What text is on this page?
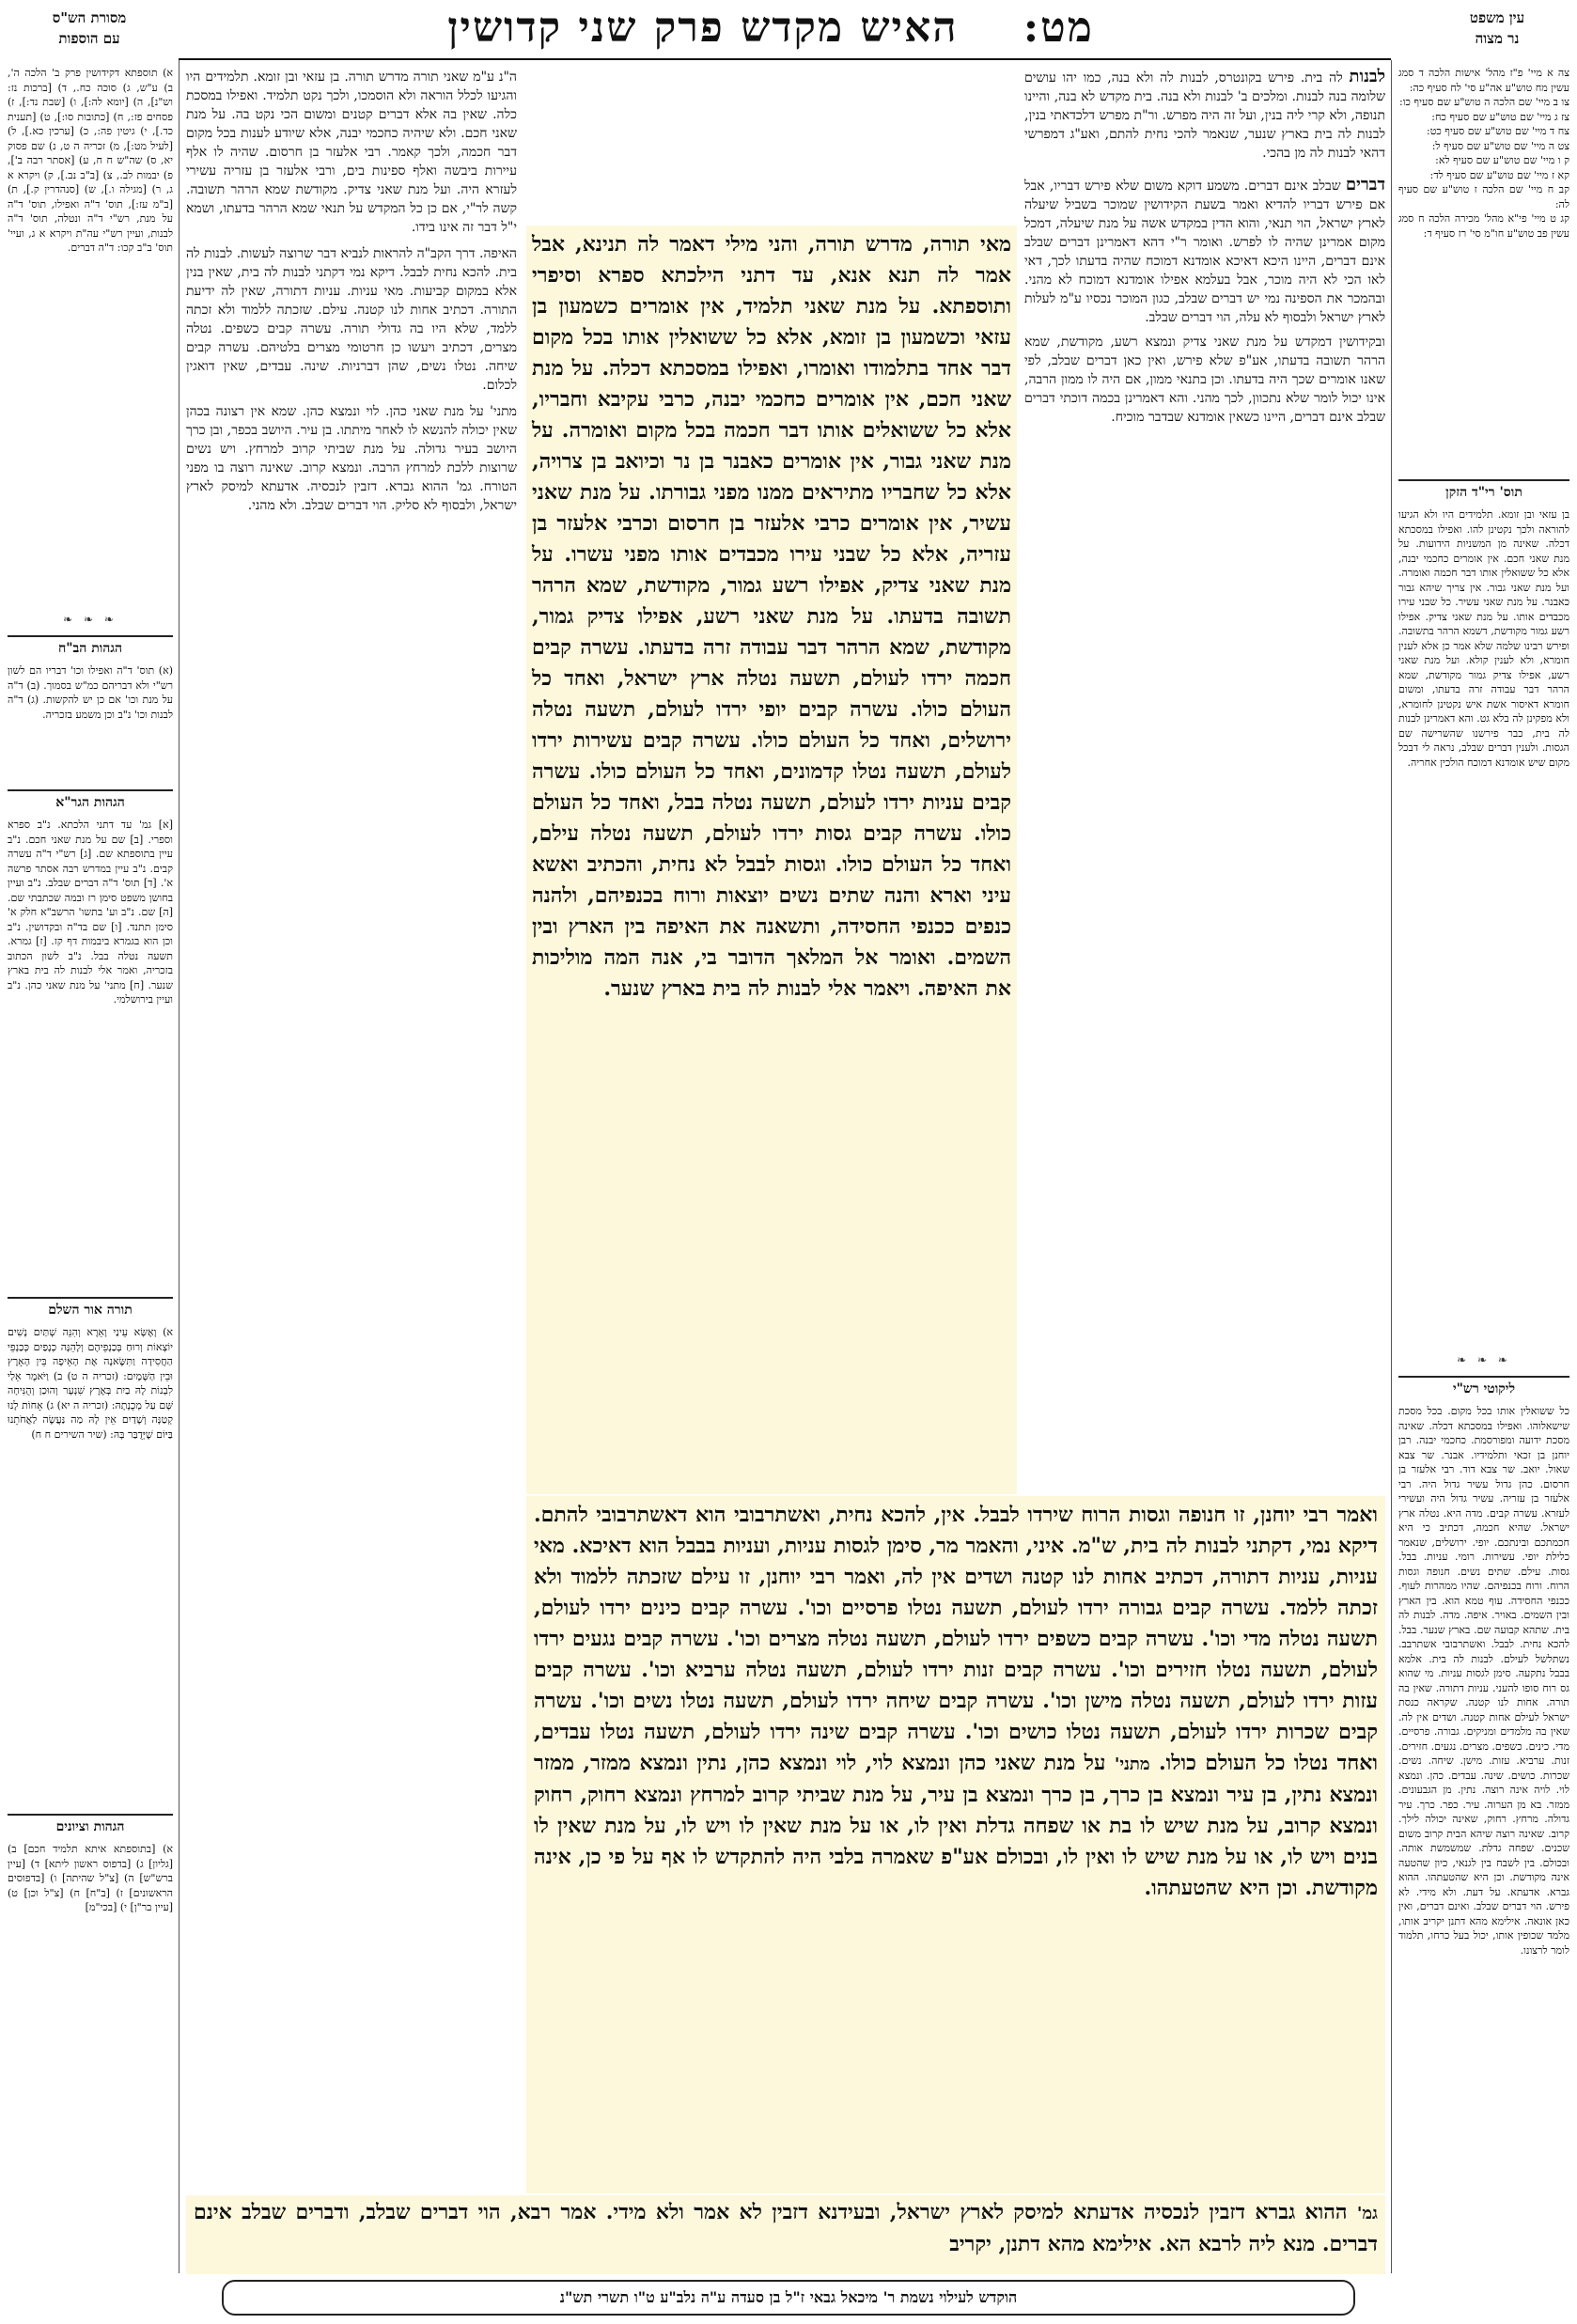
עין משפט
נר מצוה
מט:    האיש מקדש פרק שני קדושין
מסורת הש"ס
עם הוספות
צה א מיי' פ"ז מהל' אישות הלכה ד סמג עשין מח טוש"ע אה"ע סי' לח סעיף כה:
צו ב מיי' שם הלכה ה טוש"ע שם סעיף כו:
צז ג מיי' שם טוש"ע שם סעיף כח:
צח ד מיי' שם טוש"ע שם סעיף כט:
צט ה מיי' שם טוש"ע שם סעיף ל:
ק ו מיי' שם טוש"ע שם סעיף לא:
קא ז מיי' שם טוש"ע שם סעיף לד:
קב ח מיי' שם הלכה ז טוש"ע שם סעיף לה:
קג ט מיי' פי"א מהל' מכירה הלכה ח סמג עשין פב טוש"ע חו"מ סי' רז סעיף ד:
תוס' רי"ד הזקן
בן עזאי ובן זומא. תלמידים היו ולא הגיעו להוראה ולכך נקטינן להו. ואפילו במסכתא דכלה. שאינה מן המשניות הידועות. על מנת שאני חכם. אין אומרים כחכמי יבנה, אלא כל ששואלין אותו דבר חכמה ואומרה. ועל מנת שאני גבור. אין צריך שיהא גבור כאבנר. על מנת שאני עשיר. כל שבני עירו מכבדים אותו. על מנת שאני צדיק. אפילו רשע גמור מקודשת, דשמא הרהר בתשובה. ופירש רבינו שלמה שלא אמר כן אלא לענין חומרא, ולא לענין קולא. ועל מנת שאני רשע, אפילו צדיק גמור מקודשת, שמא הרהר דבר עבודה זרה בדעתו, ומשום חומרא דאיסור אשת איש נקטינן לחומרא, ולא מפקינן לה בלא גט. והא דאמרינן לבנות לה בית, כבר פירשנו שהשרישה שם הגסות. ולענין דברים שבלב, נראה לי דבכל מקום שיש אומדנא דמוכח הולכין אחריה.
❧ ❧ ❧
ליקוטי רש"י
כל ששואלין אותו בכל מקום. בכל מסכת שישאלוהו. ואפילו במסכתא דכלה. שאינה מסכת ידועה ומפורסמת. כחכמי יבנה. רבן יוחנן בן זכאי ותלמידיו. אבנר. שר צבא שאול. יואב. שר צבא דוד. רבי אלעזר בן חרסום. כהן גדול עשיר גדול היה. רבי אלעזר בן עזריה. עשיר גדול היה ועשירי לעזרא. עשרה קבים. מדה היא. נטלה ארץ ישראל. שהיא חכמה, דכתיב כי היא חכמתכם ובינתכם. יופי. ירושלים, שנאמר כלילת יופי. עשירות. רומי. עניות. בבל. גסות. עילם. שתים נשים. חנופה וגסות הרוח. ורוח בכנפיהם. שהיו ממהרות לעוף. ככנפי החסידה. עוף טמא הוא. בין הארץ ובין השמים. באויר. איפה. מדה. לבנות לה בית. שתהא קבועה שם. בארץ שנער. בבל. להכא נחית. לבבל. ואשתרבובי אשתרבב. נשתלשל לעילם. לבנות לה בית. אלמא בבבל נתקעה. סימן לגסות עניות. מי שהוא גס רוח סופו להעני. עניות דתורה. שאין בה תורה. אחות לנו קטנה. שקראה כנסת ישראל לעילם אחות קטנה. ושדים אין לה. שאין בה מלמדים ומניקים. גבורה. פרסיים. מדי. כינים. כשפים. מצרים. נגעים. חזירים. זנות. ערביא. עזות. מישן. שיחה. נשים. שכרות. כושים. שינה. עבדים. כהן. ונמצא לוי. לויה אינה רוצה. נתין. מן הגבעונים. ממזר. בא מן הערוה. עיר. כפר. כרך. עיר גדולה. מרחץ. רחוק, שאינה יכולה לילך. קרוב. שאינה רוצה שיהא הבית קרוב משום שכנים. שפחה גדלת. שמשמשת אותה. ובכולם. בין לשבח בין לגנאי, כיון שהטעה אינה מקודשת. וכן היא שהטעתהו. ההוא גברא. אדעתא. על דעת. ולא מידי. לא פירש. הוי דברים שבלב. ואינם דברים, ואין כאן אונאה. אילימא מהא דתנן יקריב אותו, מלמד שכופין אותו, יכול בעל כרחו, תלמוד לומר לרצונו.
א) תוספתא דקידושין פרק ב' הלכה ה', ב) ע"ש, ג) סוכה כח., ד) [ברכות נז: וש"נ], ה) [יומא לה:], ו) [שבת נד:], ז) פסחים פז:, ח) [כתובות סו:], ט) [תענית כד.], י) גיטין פה:, כ) [ערכין כא.], ל) [לעיל מט:], מ) זכריה ה ט, נ) שם פסוק יא, ס) שה"ש ח ח, ע) [אסתר רבה ב'], פ) יבמות לב., צ) [ב"ב נב.], ק) ויקרא א ג, ר) [מגילה ו.], ש) [סנהדרין ק.], ת) [ב"מ עז:], תוס' ד"ה ואפילו, תוס' ד"ה על מנת, רש"י ד"ה ונטלה, תוס' ד"ה לבנות, ועיין רש"י עה"ת ויקרא א ג, ועיי' תוס' ב"ב קכו: ד"ה דברים.
❧ ❧ ❧
הגהות הב"ח
(א) תוס' ד"ה ואפילו וכו' דבריו הם לשון רש"י ולא דבריהם כמ"ש בסמוך. (ב) ד"ה על מנת וכו' אם כן יש להקשות. (ג) ד"ה לבנות וכו' נ"ב וכן משמע בזכריה.
הגהות הגר"א
[א] גמ' עד דתני הלכתא. נ"ב ספרא וספרי. [ב] שם על מנת שאני חכם. נ"ב עיין בתוספתא שם. [ג] רש"י ד"ה עשרה קבים. נ"ב עיין במדרש רבה אסתר פרשה א'. [ד] תוס' ד"ה דברים שבלב. נ"ב ועיין בחושן משפט סימן רז ובמה שכתבתי שם. [ה] שם. נ"ב וע' בתשו' הרשב"א חלק א' סימן תתנד. [ו] שם בד"ה ובקדושין. נ"ב וכן הוא בגמרא ביבמות דף קז. [ז] גמרא. תשעה נטלה בבל. נ"ב לשון הכתוב בזכריה, ואמר אלי לבנות לה בית בארץ שנער. [ח] מתני' על מנת שאני כהן. נ"ב ועיין בירושלמי.
תורה אור השלם
א) וָאֶשָּׂא עֵינַי וָאֵרֶא וְהִנֵּה שְׁתַּיִם נָשִׁים יוֹצְאוֹת וְרוּחַ בְּכַנְפֵיהֶם וְלָהֵנָּה כְנָפַיִם כְּכַנְפֵי הַחֲסִידָה וַתִּשֶּׂאנָה אֶת הָאֵיפָה בֵּין הָאָרֶץ וּבֵין הַשָּׁמָיִם: (זכריה ה ט) ב) וַיֹּאמֶר אֵלַי לִבְנוֹת לָהּ בַיִת בְּאֶרֶץ שִׁנְעָר וְהוּכַן וְהֻנִּיחָה שָּׁם עַל מְכֻנָתָהּ: (זכריה ה יא) ג) אָחוֹת לָנוּ קְטַנָּה וְשָׁדַיִם אֵין לָהּ מַה נַּעֲשֶׂה לַאֲחֹתֵנוּ בַּיּוֹם שֶׁיְּדֻבַּר בָּהּ: (שיר השירים ח ח)
הגהות וציונים
א) [בתוספתא איתא תלמיד חכם] ב) [גליון] ג) [בדפוס ראשון ליתא] ד) [עיין ברש"ש] ה) [צ"ל שהיתה] ו) [בדפוסים הראשונים] ז) [ב"ח] ח) [צ"ל וכן] ט) [עיין בר"ן] י) [בכי"מ]
לבנות לה בית. פירש בקונטרס, לבנות לה ולא בנה, כמו יהו עושים שלומה בנה לבנות. ומלכים ב' לבנות ולא בנה. בית מקדש לא בנה, והיינו תנופה, ולא קרי ליה בנין, ועל זה היה מפרש. ור"ת מפרש דלכדאתי בנין, לבנות לה בית בארץ שנער, שנאמר להכי נחית להתם, ואע"ג דמפרשי דהאי לבנות לה מן בהכי.
דברים שבלב אינם דברים. משמע דוקא משום שלא פירש דבריו, אבל אם פירש דבריו להדיא ואמר בשעת הקידושין שמוכר בשביל שיעלה לארץ ישראל, הוי תנאי, והוא הדין במקדש אשה על מנת שיעלה, דמכל מקום אמרינן שהיה לו לפרש. ואומר ר"י דהא דאמרינן דברים שבלב אינם דברים, היינו היכא דאיכא אומדנא דמוכח שהיה בדעתו לכך, דאי לאו הכי לא היה מוכר, אבל בעלמא אפילו אומדנא דמוכח לא מהני. ובהמכר את הספינה נמי יש דברים שבלב, כגון המוכר נכסיו ע"מ לעלות לארץ ישראל ולבסוף לא עלה, הוי דברים שבלב.
ובקידושין דמקדש על מנת שאני צדיק ונמצא רשע, מקודשת, שמא הרהר תשובה בדעתו, אע"פ שלא פירש, ואין כאן דברים שבלב, לפי שאנו אומרים שכך היה בדעתו. וכן בתנאי ממון, אם היה לו ממון הרבה, אינו יכול לומר שלא נתכוון, לכך מהני. והא דאמרינן בכמה דוכתי דברים שבלב אינם דברים, היינו כשאין אומדנא שבדבר מוכיח.
ה"נ ע"מ שאני תורה מדרש תורה. בן עזאי ובן זומא. תלמידים היו והגיעו לכלל הוראה ולא הוסמכו, ולכך נקט תלמיד. ואפילו במסכת כלה. שאין בה אלא דברים קטנים ומשום הכי נקט בה. על מנת שאני חכם. ולא שיהיה כחכמי יבנה, אלא שיודע לענות בכל מקום דבר חכמה, ולכך קאמר. רבי אלעזר בן חרסום. שהיה לו אלף עיירות ביבשה ואלף ספינות בים, ורבי אלעזר בן עזריה עשירי לעזרא היה. ועל מנת שאני צדיק. מקודשת שמא הרהר תשובה. קשה לר"י, אם כן כל המקדש על תנאי שמא הרהר בדעתו, ושמא י"ל דבר זה אינו בידו.
האיפה. דרך הקב"ה להראות לנביא דבר שרוצה לעשות. לבנות לה בית. להכא נחית לבבל. דיקא נמי דקתני לבנות לה בית, שאין בנין אלא במקום קביעות. מאי עניות. עניות דתורה, שאין לה ידיעת התורה. דכתיב אחות לנו קטנה. עילם. שזכתה ללמוד ולא זכתה ללמד, שלא היו בה גדולי תורה. עשרה קבים כשפים. נטלה מצרים, דכתיב ויעשו כן חרטומי מצרים בלטיהם. עשרה קבים שיחה. נטלו נשים, שהן דברניות. שינה. עבדים, שאין דואגין לכלום.
מתני' על מנת שאני כהן. לוי ונמצא כהן. שמא אין רצונה בכהן שאין יכולה להנשא לו לאחר מיתתו. בן עיר. היושב בכפר, ובן כרך היושב בעיר גדולה. על מנת שביתי קרוב למרחץ. ויש נשים שרוצות ללכת למרחץ הרבה. ונמצא קרוב. שאינה רוצה בו מפני הטורח. גמ' ההוא גברא. דזבין לנכסיה. אדעתא למיסק לארץ ישראל, ולבסוף לא סליק. הוי דברים שבלב. ולא מהני.
מאי תורה, מדרש תורה, והני מילי דאמר לה תנינא, אבל אמר לה תנא אנא, עד דתני הילכתא ספרא וסיפרי ותוספתא. על מנת שאני תלמיד, אין אומרים כשמעון בן עזאי וכשמעון בן זומא, אלא כל ששואלין אותו בכל מקום דבר אחד בתלמודו ואומרו, ואפילו במסכתא דכלה. על מנת שאני חכם, אין אומרים כחכמי יבנה, כרבי עקיבא וחבריו, אלא כל ששואלים אותו דבר חכמה בכל מקום ואומרה. על מנת שאני גבור, אין אומרים כאבנר בן נר וכיואב בן צרויה, אלא כל שחבריו מתיראים ממנו מפני גבורתו. על מנת שאני עשיר, אין אומרים כרבי אלעזר בן חרסום וכרבי אלעזר בן עזריה, אלא כל שבני עירו מכבדים אותו מפני עשרו. על מנת שאני צדיק, אפילו רשע גמור, מקודשת, שמא הרהר תשובה בדעתו. על מנת שאני רשע, אפילו צדיק גמור, מקודשת, שמא הרהר דבר עבודה זרה בדעתו. עשרה קבים חכמה ירדו לעולם, תשעה נטלה ארץ ישראל, ואחד כל העולם כולו. עשרה קבים יופי ירדו לעולם, תשעה נטלה ירושלים, ואחד כל העולם כולו. עשרה קבים עשירות ירדו לעולם, תשעה נטלו קדמונים, ואחד כל העולם כולו. עשרה קבים עניות ירדו לעולם, תשעה נטלה בבל, ואחד כל העולם כולו. עשרה קבים גסות ירדו לעולם, תשעה נטלה עילם, ואחד כל העולם כולו. וגסות לבבל לא נחית, והכתיב ואשא עיני וארא והנה שתים נשים יוצאות ורוח בכנפיהם, ולהנה כנפים ככנפי החסידה, ותשאנה את האיפה בין הארץ ובין השמים. ואומר אל המלאך הדובר בי, אנה המה מוליכות את האיפה. ויאמר אלי לבנות לה בית בארץ שנער.
ואמר רבי יוחנן, זו חנופה וגסות הרוח שירדו לבבל. אין, להכא נחית, ואשתרבובי הוא דאשתרבובי להתם. דיקא נמי, דקתני לבנות לה בית, ש"מ. איני, והאמר מר, סימן לגסות עניות, ועניות בבבל הוא דאיכא. מאי עניות, עניות דתורה, דכתיב אחות לנו קטנה ושדים אין לה, ואמר רבי יוחנן, זו עילם שזכתה ללמוד ולא זכתה ללמד. עשרה קבים גבורה ירדו לעולם, תשעה נטלו פרסיים וכו'. עשרה קבים כינים ירדו לעולם, תשעה נטלה מדי וכו'. עשרה קבים כשפים ירדו לעולם, תשעה נטלה מצרים וכו'. עשרה קבים נגעים ירדו לעולם, תשעה נטלו חזירים וכו'. עשרה קבים זנות ירדו לעולם, תשעה נטלה ערביא וכו'. עשרה קבים עזות ירדו לעולם, תשעה נטלה מישן וכו'. עשרה קבים שיחה ירדו לעולם, תשעה נטלו נשים וכו'. עשרה קבים שכרות ירדו לעולם, תשעה נטלו כושים וכו'. עשרה קבים שינה ירדו לעולם, תשעה נטלו עבדים, ואחד נטלו כל העולם כולו. מתני' על מנת שאני כהן ונמצא לוי, לוי ונמצא כהן, נתין ונמצא ממזר, ממזר ונמצא נתין, בן עיר ונמצא בן כרך, בן כרך ונמצא בן עיר, על מנת שביתי קרוב למרחץ ונמצא רחוק, רחוק ונמצא קרוב, על מנת שיש לו בת או שפחה גדלת ואין לו, או על מנת שאין לו ויש לו, על מנת שאין לו בנים ויש לו, או על מנת שיש לו ואין לו, ובכולם אע"פ שאמרה בלבי היה להתקדש לו אף על פי כן, אינה מקודשת. וכן היא שהטעתהו.
גמ' ההוא גברא דזבין לנכסיה אדעתא למיסק לארץ ישראל, ובעידנא דזבין לא אמר ולא מידי. אמר רבא, הוי דברים שבלב, ודברים שבלב אינם דברים. מנא ליה לרבא הא. אילימא מהא דתנן, יקריב
הוקדש לעילוי נשמת ר' מיכאל גבאי ז"ל בן סעדה ע"ה נלב"ע ט"ו תשרי תש"נ
